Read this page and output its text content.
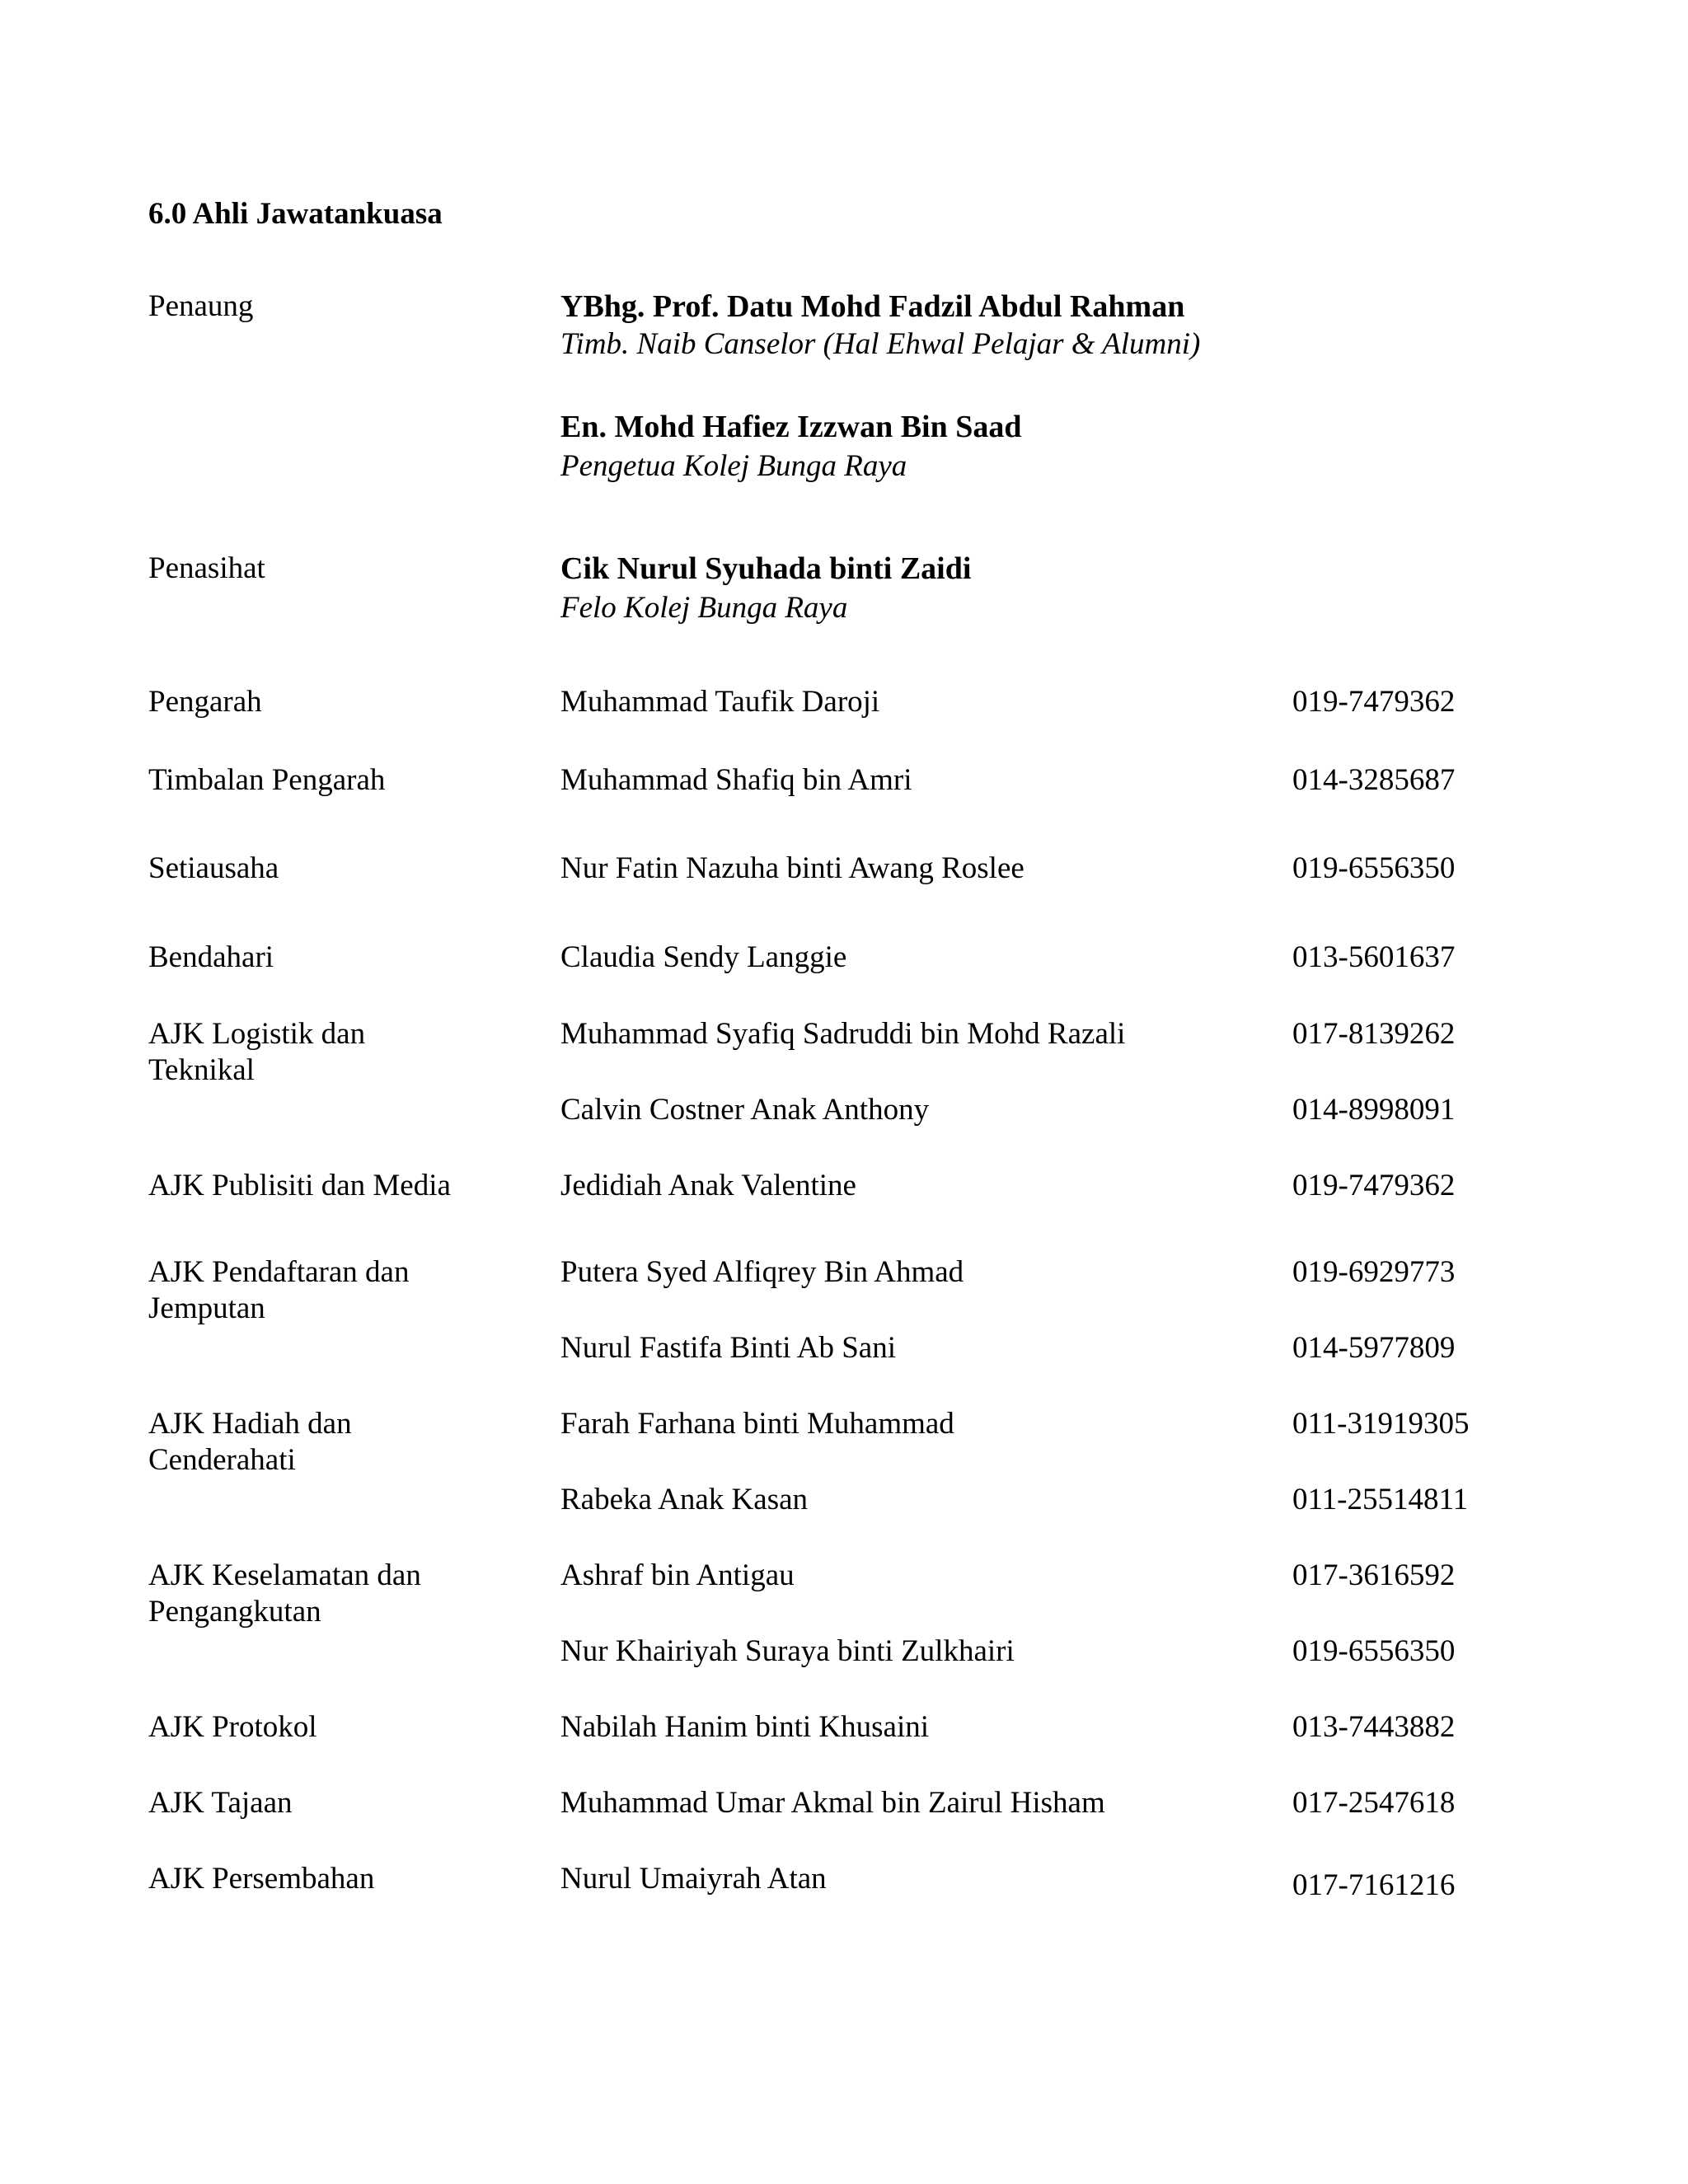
6.0 Ahli Jawatankuasa
Penaung	YBhg. Prof. Datu Mohd Fadzil Abdul Rahman
Timb. Naib Canselor (Hal Ehwal Pelajar & Alumni)
En. Mohd Hafiez Izzwan Bin Saad
Pengetua Kolej Bunga Raya
Penasihat	Cik Nurul Syuhada binti Zaidi
Felo Kolej Bunga Raya
Pengarah	Muhammad Taufik Daroji	019-7479362
Timbalan Pengarah	Muhammad Shafiq bin Amri	014-3285687
Setiausaha	Nur Fatin Nazuha binti Awang Roslee	019-6556350
Bendahari	Claudia Sendy Langgie	013-5601637
AJK Logistik dan
Teknikal
Muhammad Syafiq Sadruddi bin Mohd Razali	017-8139262
Calvin Costner Anak Anthony	014-8998091
AJK Publisiti dan Media	Jedidiah Anak Valentine	019-7479362
AJK Pendaftaran dan
Jemputan
Putera Syed Alfiqrey Bin Ahmad	019-6929773
Nurul Fastifa Binti Ab Sani	014-5977809
AJK Hadiah dan
Cenderahati
Farah Farhana binti Muhammad	011-31919305
Rabeka Anak Kasan	011-25514811
AJK Keselamatan dan
Pengangkutan
Ashraf bin Antigau	017-3616592
Nur Khairiyah Suraya binti Zulkhairi	019-6556350
AJK Protokol	Nabilah Hanim binti Khusaini	013-7443882
AJK Tajaan	Muhammad Umar Akmal bin Zairul Hisham	017-2547618
AJK Persembahan	Nurul Umaiyrah Atan	017-7161216
